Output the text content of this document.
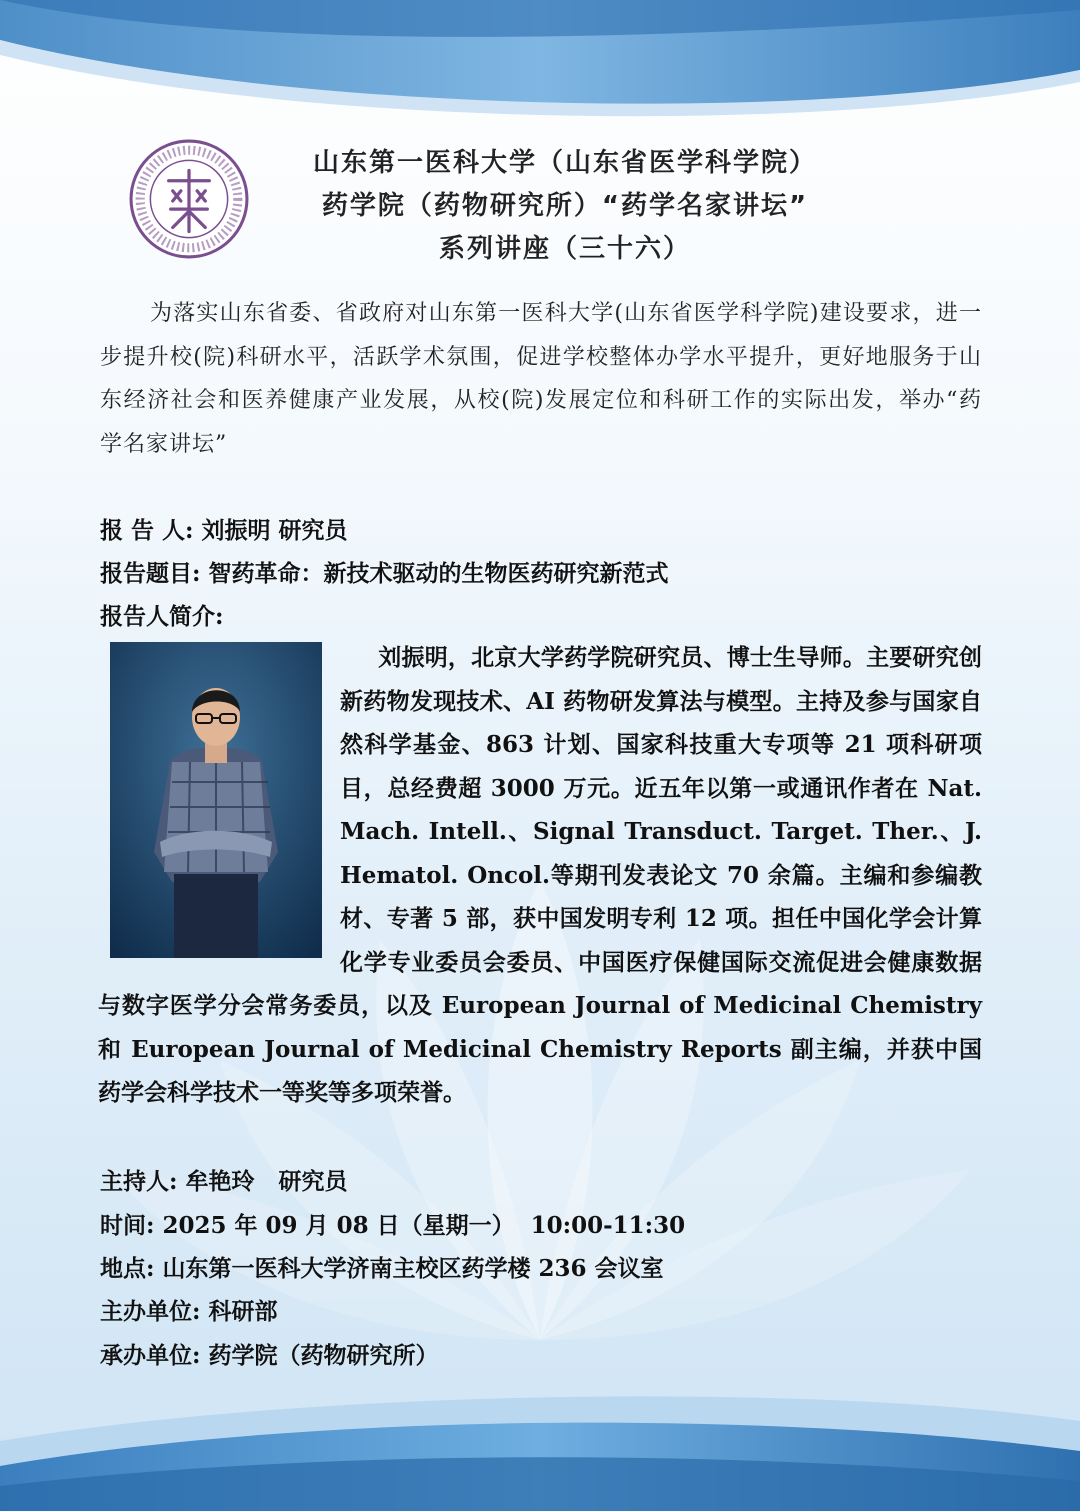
山东第一医科大学（山东省医学科学院）
药学院（药物研究所）“药学名家讲坛”
系列讲座（三十六）

为落实山东省委、省政府对山东第一医科大学(山东省医学科学院)建设要求，进一步提升校(院)科研水平，活跃学术氛围，促进学校整体办学水平提升，更好地服务于山东经济社会和医养健康产业发展，从校(院)发展定位和科研工作的实际出发，举办“药学名家讲坛”

报 告 人: 刘振明 研究员
报告题目: 智药革命：新技术驱动的生物医药研究新范式
报告人简介:

刘振明，北京大学药学院研究员、博士生导师。主要研究创新药物发现技术、AI 药物研发算法与模型。主持及参与国家自然科学基金、863 计划、国家科技重大专项等 21 项科研项目，总经费超 3000 万元。近五年以第一或通讯作者在 Nat. Mach. Intell.、Signal Transduct. Target. Ther.、J. Hematol. Oncol.等期刊发表论文 70 余篇。主编和参编教材、专著 5 部，获中国发明专利 12 项。担任中国化学会计算化学专业委员会委员、中国医疗保健国际交流促进会健康数据与数字医学分会常务委员，以及 European Journal of Medicinal Chemistry 和 European Journal of Medicinal Chemistry Reports 副主编，并获中国药学会科学技术一等奖等多项荣誉。

主持人: 牟艳玲   研究员
时间: 2025 年 09 月 08 日（星期一）  10:00-11:30
地点: 山东第一医科大学济南主校区药学楼 236 会议室
主办单位: 科研部
承办单位: 药学院（药物研究所）
